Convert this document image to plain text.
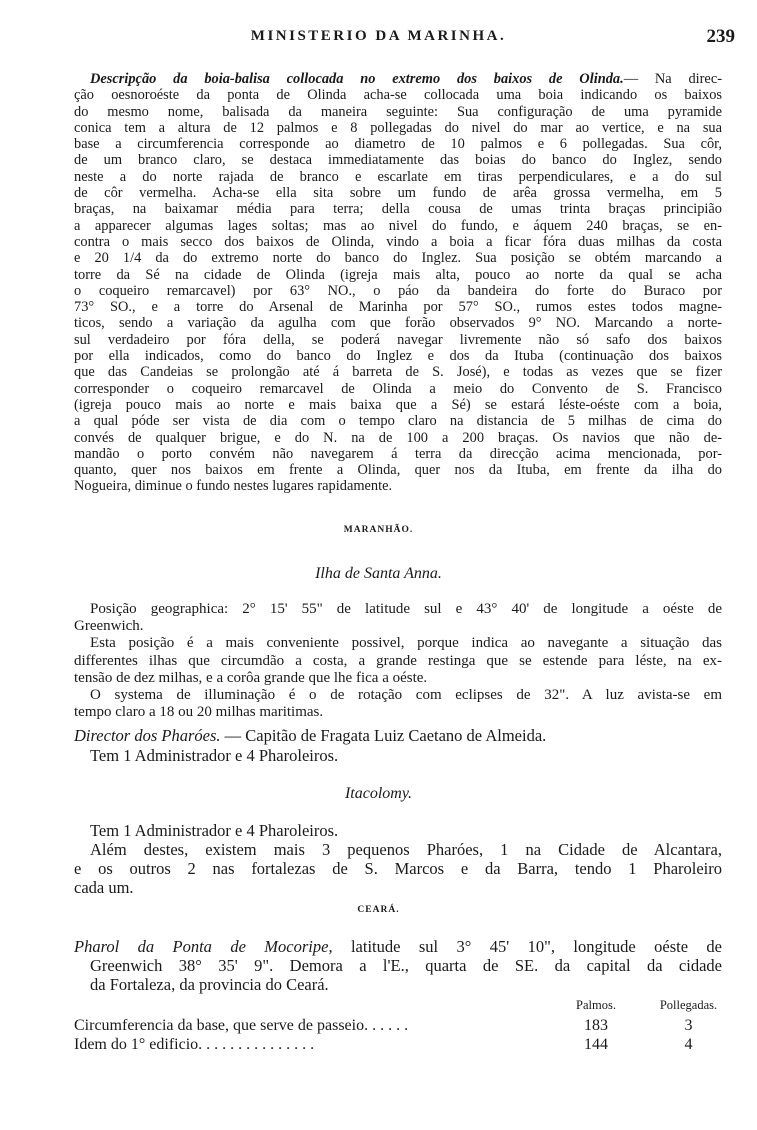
MINISTERIO DA MARINHA.	239
Descripção da boia-balisa collocada no extremo dos baixos de Olinda.— Na direc-
ção oesnoroéste da ponta de Olinda acha-se collocada uma boia indicando os baixos
do mesmo nome, balisada da maneira seguinte: Sua configuração de uma pyramide
conica tem a altura de 12 palmos e 8 pollegadas do nivel do mar ao vertice, e na sua
base a circumferencia corresponde ao diametro de 10 palmos e 6 pollegadas. Sua côr,
de um branco claro, se destaca immediatamente das boias do banco do Inglez, sendo
neste a do norte rajada de branco e escarlate em tiras perpendiculares, e a do sul
de côr vermelha. Acha-se ella sita sobre um fundo de arêa grossa vermelha, em 5
braças, na baixamar média para terra; della cousa de umas trinta braças principião
a apparecer algumas lages soltas; mas ao nivel do fundo, e áquem 240 braças, se en-
contra o mais secco dos baixos de Olinda, vindo a boia a ficar fóra duas milhas da costa
e 20 1/4 da do extremo norte do banco do Inglez. Sua posição se obtém marcando a
torre da Sé na cidade de Olinda (igreja mais alta, pouco ao norte da qual se acha
o coqueiro remarcavel) por 63° NO., o páo da bandeira do forte do Buraco por
73° SO., e a torre do Arsenal de Marinha por 57° SO., rumos estes todos magne-
ticos, sendo a variação da agulha com que forão observados 9° NO. Marcando a norte-
sul verdadeiro por fóra della, se poderá navegar livremente não só safo dos baixos
por ella indicados, como do banco do Inglez e dos da Ituba (continuação dos baixos
que das Candeias se prolongão até á barreta de S. José), e todas as vezes que se fizer
corresponder o coqueiro remarcavel de Olinda a meio do Convento de S. Francisco
(igreja pouco mais ao norte e mais baixa que a Sé) se estará léste-oéste com a boia,
a qual póde ser vista de dia com o tempo claro na distancia de 5 milhas de cima do
convés de qualquer brigue, e do N. na de 100 a 200 braças. Os navios que não de-
mandão o porto convém não navegarem á terra da direcção acima mencionada, por-
quanto, quer nos baixos em frente a Olinda, quer nos da Ituba, em frente da ilha do
Nogueira, diminue o fundo nestes lugares rapidamente.
MARANHÃO.
Ilha de Santa Anna.
Posição geographica: 2° 15' 55" de latitude sul e 43° 40' de longitude a oéste de
Greenwich.
Esta posição é a mais conveniente possivel, porque indica ao navegante a situação das
differentes ilhas que circumdão a costa, a grande restinga que se estende para léste, na ex-
tensão de dez milhas, e a corôa grande que lhe fica a oéste.
O systema de illuminação é o de rotação com eclipses de 32". A luz avista-se em
tempo claro a 18 ou 20 milhas maritimas.
Director dos Pharóes. — Capitão de Fragata Luiz Caetano de Almeida.
Tem 1 Administrador e 4 Pharoleiros.
Itacolomy.
Tem 1 Administrador e 4 Pharoleiros.
Além destes, existem mais 3 pequenos Pharóes, 1 na Cidade de Alcantara,
e os outros 2 nas fortalezas de S. Marcos e da Barra, tendo 1 Pharoleiro
cada um.
CEARÁ.
Pharol da Ponta de Mocoripe, latitude sul 3° 45' 10", longitude oéste de
Greenwich 38° 35' 9". Demora a l'E., quarta de SE. da capital da cidade
da Fortaleza, da provincia do Ceará.
Palmos.	Pollegadas.
Circumferencia da base, que serve de passeio. . . . . .	183	3
Idem do 1° edificio. . . . . . . . . . . . . . .	144	4
